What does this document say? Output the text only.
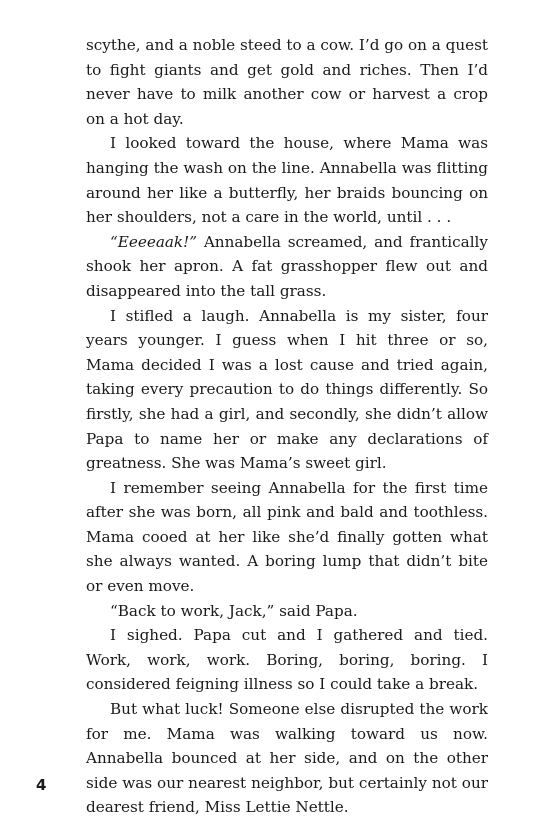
scythe, and a noble steed to a cow. I’d go on a quest to fight giants and get gold and riches. Then I’d never have to milk another cow or harvest a crop on a hot day.

I looked toward the house, where Mama was hanging the wash on the line. Annabella was flitting around her like a butterfly, her braids bouncing on her shoulders, not a care in the world, until . . .

“Eeeeaak!” Annabella screamed, and frantically shook her apron. A fat grasshopper flew out and disappeared into the tall grass.

I stifled a laugh. Annabella is my sister, four years younger. I guess when I hit three or so, Mama decided I was a lost cause and tried again, taking every precaution to do things differently. So firstly, she had a girl, and secondly, she didn’t allow Papa to name her or make any declarations of greatness. She was Mama’s sweet girl.

I remember seeing Annabella for the first time after she was born, all pink and bald and toothless. Mama cooed at her like she’d finally gotten what she always wanted. A boring lump that didn’t bite or even move.

“Back to work, Jack,” said Papa.

I sighed. Papa cut and I gathered and tied. Work, work, work. Boring, boring, boring. I considered feigning illness so I could take a break.

But what luck! Someone else disrupted the work for me. Mama was walking toward us now. Annabella bounced at her side, and on the other side was our nearest neighbor, but certainly not our dearest friend, Miss Lettie Nettle.

4
